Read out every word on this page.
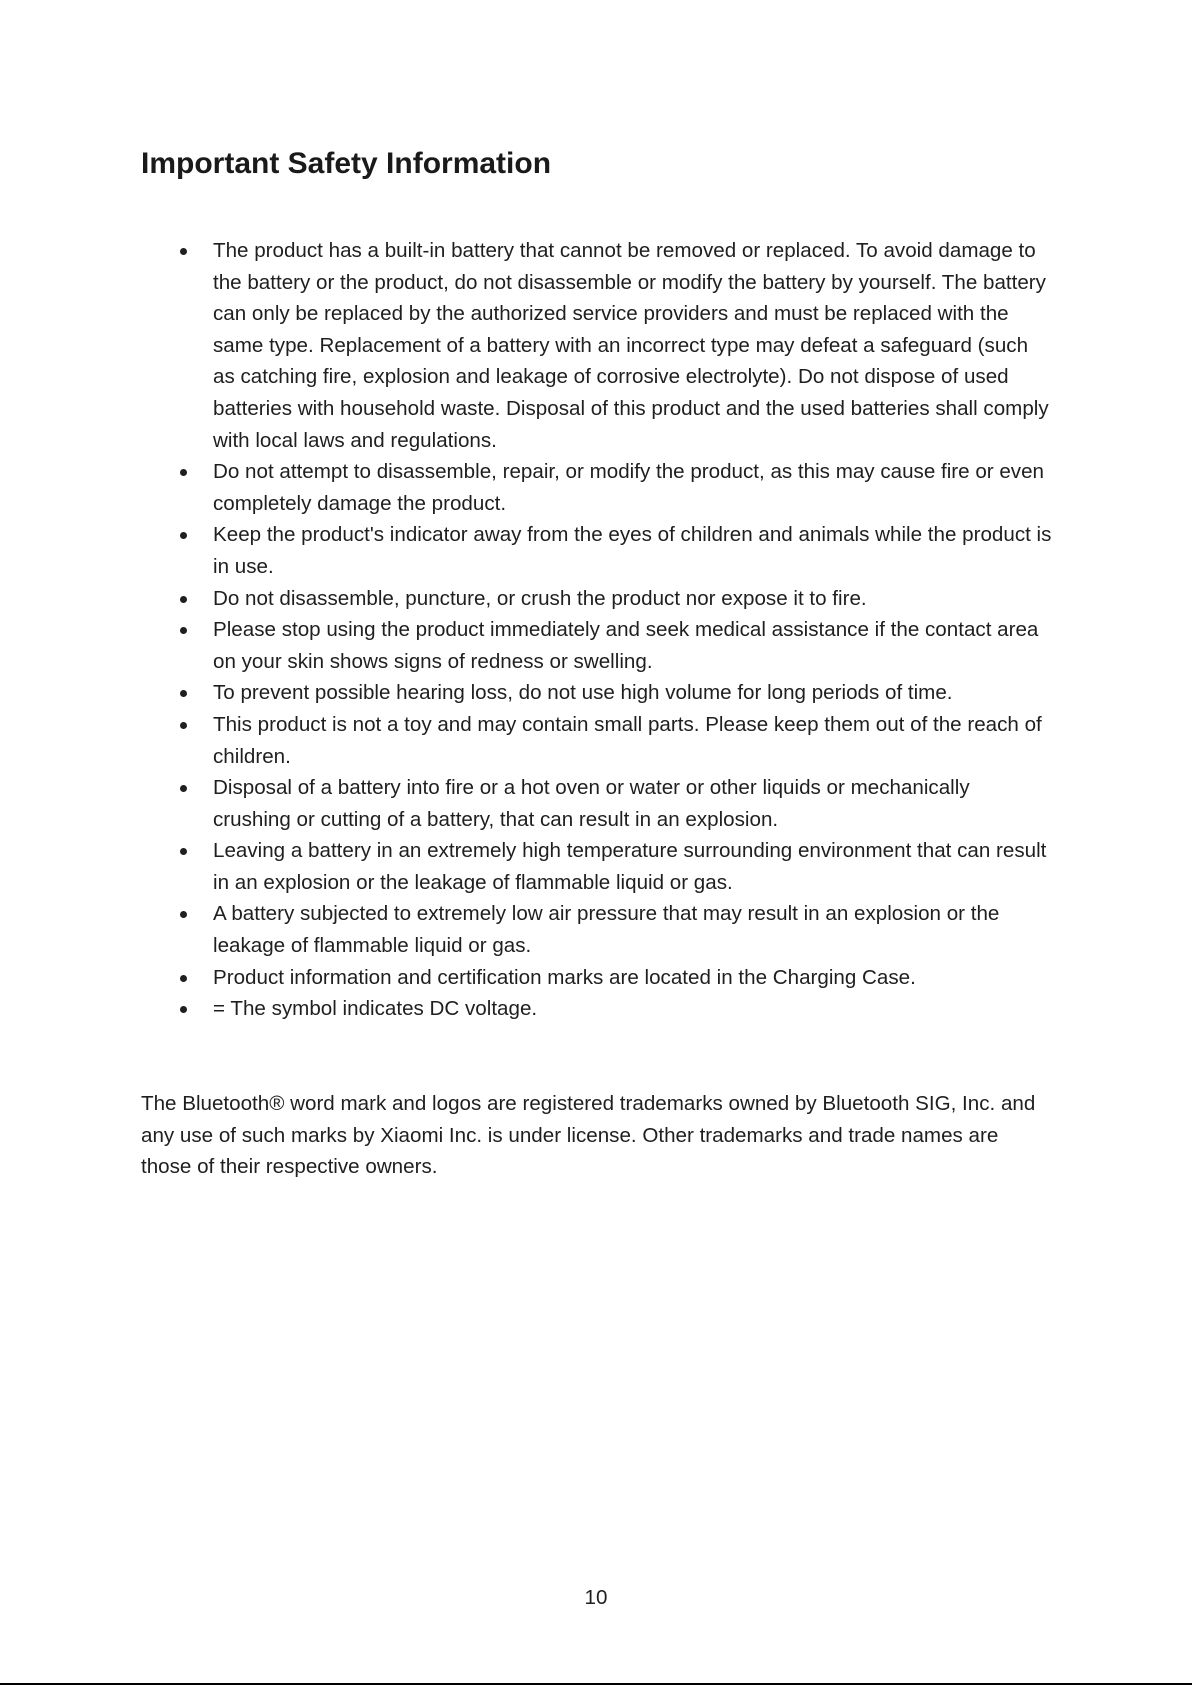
Important Safety Information
The product has a built-in battery that cannot be removed or replaced. To avoid damage to the battery or the product, do not disassemble or modify the battery by yourself. The battery can only be replaced by the authorized service providers and must be replaced with the same type. Replacement of a battery with an incorrect type may defeat a safeguard (such as catching fire, explosion and leakage of corrosive electrolyte). Do not dispose of used batteries with household waste. Disposal of this product and the used batteries shall comply with local laws and regulations.
Do not attempt to disassemble, repair, or modify the product, as this may cause fire or even completely damage the product.
Keep the product's indicator away from the eyes of children and animals while the product is in use.
Do not disassemble, puncture, or crush the product nor expose it to fire.
Please stop using the product immediately and seek medical assistance if the contact area on your skin shows signs of redness or swelling.
To prevent possible hearing loss, do not use high volume for long periods of time.
This product is not a toy and may contain small parts. Please keep them out of the reach of children.
Disposal of a battery into fire or a hot oven or water or other liquids or mechanically crushing or cutting of a battery, that can result in an explosion.
Leaving a battery in an extremely high temperature surrounding environment that can result in an explosion or the leakage of flammable liquid or gas.
A battery subjected to extremely low air pressure that may result in an explosion or the leakage of flammable liquid or gas.
Product information and certification marks are located in the Charging Case.
= The symbol indicates DC voltage.

The Bluetooth® word mark and logos are registered trademarks owned by Bluetooth SIG, Inc. and any use of such marks by Xiaomi Inc. is under license. Other trademarks and trade names are those of their respective owners.

10
